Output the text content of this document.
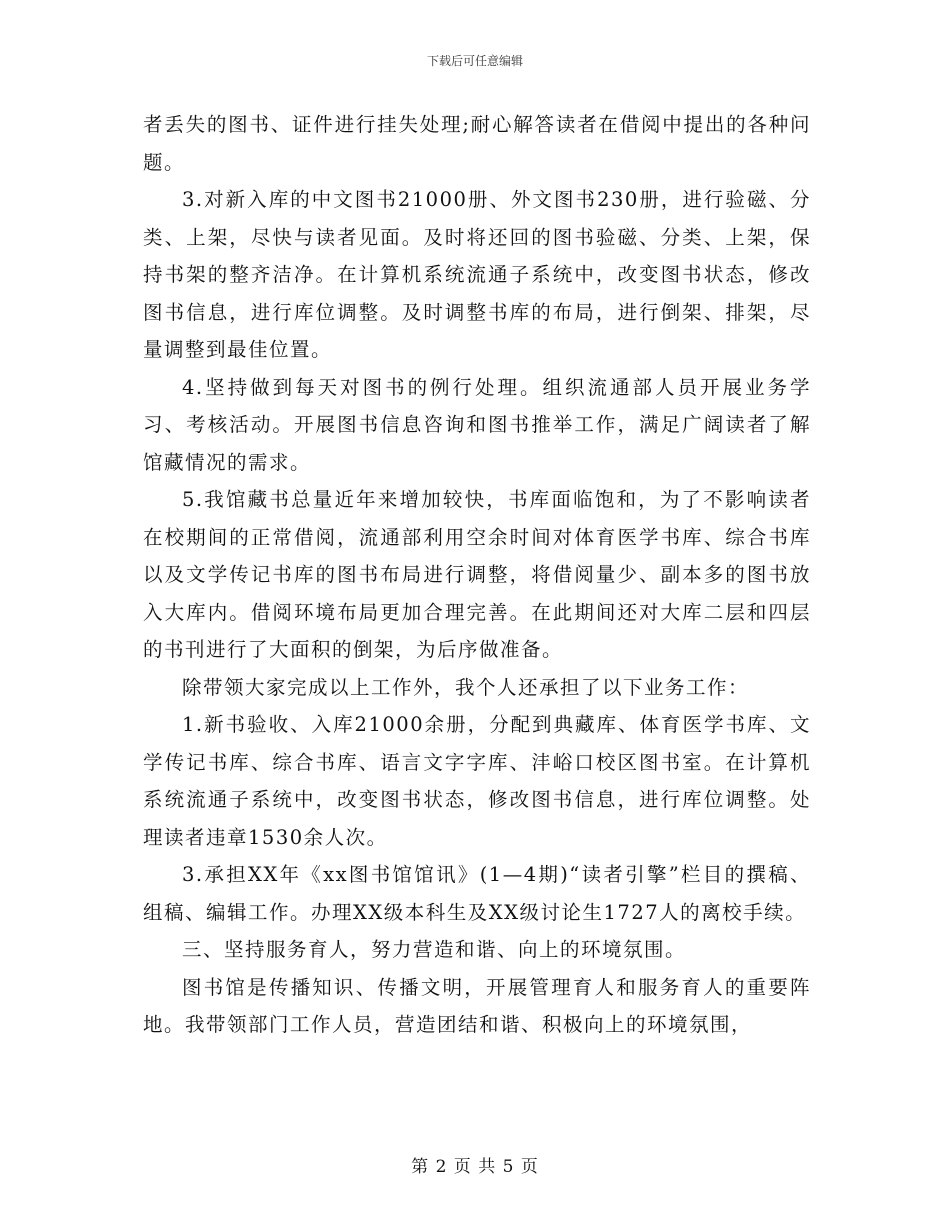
下载后可任意编辑

者丢失的图书、证件进行挂失处理;耐心解答读者在借阅中提出的各种问题。

3.对新入库的中文图书21000册、外文图书230册，进行验磁、分类、上架，尽快与读者见面。及时将还回的图书验磁、分类、上架，保持书架的整齐洁净。在计算机系统流通子系统中，改变图书状态，修改图书信息，进行库位调整。及时调整书库的布局，进行倒架、排架，尽量调整到最佳位置。

4.坚持做到每天对图书的例行处理。组织流通部人员开展业务学习、考核活动。开展图书信息咨询和图书推举工作，满足广阔读者了解馆藏情况的需求。

5.我馆藏书总量近年来增加较快，书库面临饱和，为了不影响读者在校期间的正常借阅，流通部利用空余时间对体育医学书库、综合书库以及文学传记书库的图书布局进行调整，将借阅量少、副本多的图书放入大库内。借阅环境布局更加合理完善。在此期间还对大库二层和四层的书刊进行了大面积的倒架，为后序做准备。

除带领大家完成以上工作外，我个人还承担了以下业务工作：

1.新书验收、入库21000余册，分配到典藏库、体育医学书库、文学传记书库、综合书库、语言文字字库、沣峪口校区图书室。在计算机系统流通子系统中，改变图书状态，修改图书信息，进行库位调整。处理读者违章1530余人次。

3.承担XX年《xx图书馆馆讯》(1—4期)“读者引擎”栏目的撰稿、组稿、编辑工作。办理XX级本科生及XX级讨论生1727人的离校手续。

三、坚持服务育人，努力营造和谐、向上的环境氛围。

图书馆是传播知识、传播文明，开展管理育人和服务育人的重要阵地。我带领部门工作人员，营造团结和谐、积极向上的环境氛围，

第 2 页 共 5 页
